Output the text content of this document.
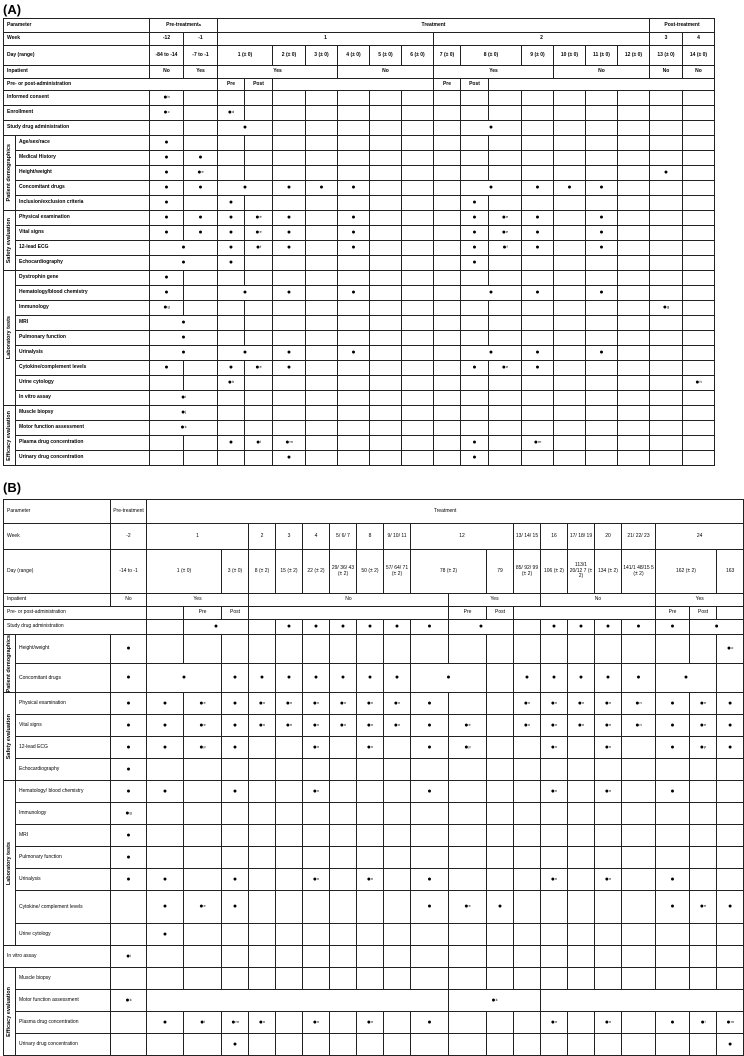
(A)
Parameter		Pre-treatment$^a$		Treatment														Post-treatment		
Week		-12	-1	1							2							3	4	
Day (range)		-84 to -14	-7 to -1	1 (± 0)		2 (± 0)	3 (± 0)	4 (± 0)	5 (± 0)	6 (± 0)	7 (± 0)	8 (± 0)		9 (± 0)	10 (± 0)	11 (± 0)	12 (± 0)	13 (± 0)	14 (± 0)		
Inpatient		No	Yes	Yes				No			Yes				No			No	No	
Pre- or post-administration				Pre	Post						Pre	Post								
Informed consent		●$^b$																	
Enrollment		●$^c$		●$^d$															
Study drug administration				●								●								

Patient demographics	Age/sex/race	●																		
	Medical History	●	●																	
	Height/weight	●	●$^e$															●		
	Concomitant drugs	●	●	●		●	●	●				●		●	●	●					
	Inclusion/exclusion criteria	●		●								●								

Safety evaluation	Physical examination	●	●	●	●$^e$	●		●				●	●$^e$	●		●					
	Vital signs	●	●	●	●$^e$	●		●				●	●$^e$	●		●					
	12-lead ECG	●		●	●$^f$	●		●				●	●$^f$	●		●					
	Echocardiography	●		●								●									

Laboratory tests	Dystrophin gene	●																		
	Hematology/blood chemistry	●		●		●		●				●		●		●					
	Immunology	●$^g$																●$^g$	
	MRI	●																		
	Pulmonary function	●																		
	Urinalysis	●		●		●		●				●		●		●					
	Cytokine/complement levels	●		●	●$^e$	●						●	●$^e$	●							
	Urine cytology			●$^h$															●$^h$	
	In vitro assay	●$^i$																

Efficacy evaluation	Muscle biopsy	●$^j$																
	Motor function assessment	●$^k$																
	Plasma drug concentration			●	●$^l$	●$^m$						●		●$^m$							
	Urinary drug concentration					●						●									
(B)
Parameter		Pre-treatment	Treatment																				
Week		-2	1			2	3	4	5/ 6/ 7	8	9/ 10/ 11	12			13/ 14/ 15	16	17/ 18/ 19	20	21/ 22/ 23	24		
Day (range)		-14 to -1	1 (± 0)		3 (± 0)	8 (± 2)	15 (± 2)	22 (± 2)	29/ 36/ 43 (± 2)	50 (± 2)	57/ 64/ 71 (± 2)	78 (± 2)		79	85/ 92/ 99 (± 2)	106 (± 2)	113/1 20/12 7 (± 2)	134 (± 2)	141/1 48/15 5 (± 2)	162 (± 2)		163		
Inpatient		No	Yes			No							Yes			No				Yes	
Pre- or post-administration				Pre	Post								Pre	Post						Pre	Post		
Study drug administration				●			●	●	●	●	●	●	●			●	●	●	●	●	●			

Patient demographics	Height/weight	●																				●$^o$
	Concomitant drugs	●	●		●	●	●	●	●	●	●	●			●	●	●	●	●	●			

Safety evaluation	Physical examination	●	●	●$^e$	●	●$^n$	●$^n$	●$^n$	●$^n$	●$^n$	●$^n$	●			●$^n$	●$^n$	●$^n$	●$^n$	●$^n$	●	●$^e$	●	
	Vital signs	●	●	●$^e$	●	●$^n$	●$^n$	●$^n$	●$^n$	●$^n$	●$^n$	●	●$^e$		●$^n$	●$^n$	●$^n$	●$^n$	●$^n$	●	●$^e$	●	
	12-lead ECG	●	●	●$^p$	●			●$^n$		●$^n$		●	●$^p$			●$^n$		●$^n$		●	●$^p$	●	
	Echocardiography	●																					

Laboratory tests	Hematology/ blood chemistry	●	●		●			●$^n$				●				●$^n$		●$^n$		●			
	Immunology	●$^g$																					
	MRI	●																					
	Pulmonary function	●																					
	Urinalysis	●	●		●			●$^n$		●$^n$		●				●$^n$		●$^n$		●			
	Cytokine/ complement levels		●	●$^e$	●							●	●$^e$	●						●	●$^e$	●	
	Urine cytology		●																				
In vitro assay		●$^i$																					

Efficacy evaluation	Muscle biopsy																						
	Motor function assessment	●$^k$											●$^k$		
	Plasma drug concentration		●	●$^l$	●$^m$	●$^n$		●$^n$		●$^n$		●				●$^n$		●$^n$		●	●$^l$	●$^m$	
	Urinary drug concentration				●																	●	
